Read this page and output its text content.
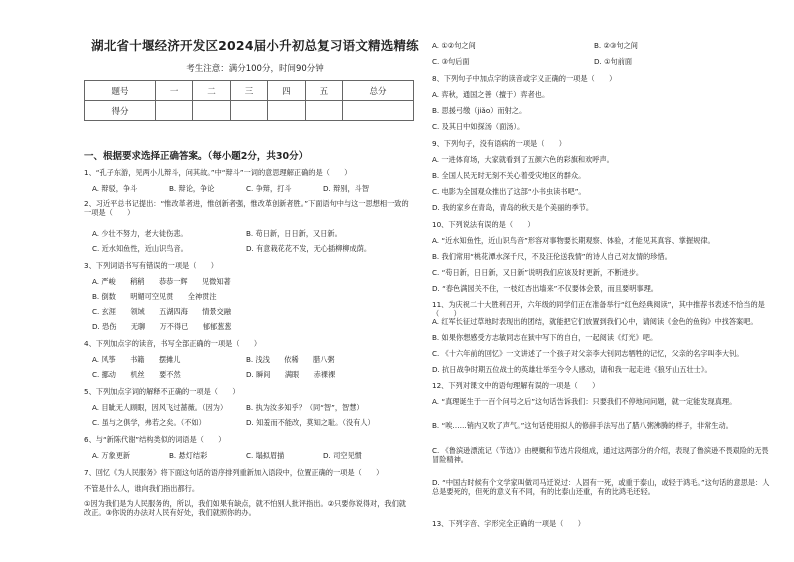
湖北省十堰经济开发区2024届小升初总复习语文精选精练
考生注意：满分100分，时间90分钟
题号	一	二	三	四	五	总分
得分						
一、根据要求选择正确答案。（每小题2分，共30分）
1、“孔子东游，见两小儿辩斗，问其故。”中“辩斗”一词的意思理解正确的是（　　）
A. 辩驳，争斗	B. 辩论，争论	C. 争辩，打斗	D. 辩别，斗智
2、习近平总书记提出：“惟改革者进，惟创新者强，惟改革创新者胜。”下面语句中与这一思想相一致的一项是（　　）
A. 少壮不努力，老大徒伤悲。	B. 苟日新，日日新，又日新。
C. 近水知鱼性，近山识鸟音。	D. 有意栽花花不发，无心插柳柳成荫。
3、下列词语书写有错误的一项是（　　）
A. 严峻　　稍稍　　恭恭一辉　　见微知著
B. 倒数　　明媚可空见贯　　全神贯注
C. 玄涯　　领域　　五湖四海　　情景交融
D. 恐伤　　无聊　　万不得已　　郁郁葱葱
4、下列加点字的读音，书写全部正确的一项是（　　）
A. 风筝　　书籍　　摆摊儿	B. 浅浅　　依稀　　腊八粥
C. 挪动　　机丝　　要不然	D. 瞬间　　满眼　　赤裸裸
5、下列加点字词的解释不正确的一项是（　　）
A. 目眦无人顾眼，因风飞过蔷薇。（因为）	B. 执为汝多知乎？（同“智”，智慧）
C. 虽与之俱学，弗若之矣。（不如）	D. 知羞而不能改，莫知之耻。（没有人）
6、与“新陈代谢”结构类似的词语是（　　）
A. 万象更新	B. 悬灯结彩	C. 塌拟眉描	D. 司空见惯
7、回忆《为人民服务》将下面这句话的语序排列重新加入语段中，位置正确的一项是（　　）
不管是什么人，谁向我们指出都行。
①因为我们是为人民服务的，所以，我们如果有缺点，就不怕别人批评指出。②只要你说得对，我们就改正。③你说的办法对人民有好处，我们就照你的办。
A. ①②句之间	B. ②③句之间
C. ③句后面	D. ①句前面
8、下列句子中加点字的读音或字义正确的一项是（　　）
A. 弈秋，通国之善（擅于）弈者也。
B. 思援弓缴（jiǎo）而射之。
C. 及其日中如探汤（面汤）。
9、下列句子，没有语病的一项是（　　）
A. 一进体育场，大家就看到了五颜六色的彩旗和欢呼声。
B. 全国人民无时无刻不关心着受灾地区的群众。
C. 电影为全国观众推出了这部“小书虫读书吧”。
D. 我的家乡在青岛，青岛的秋天是个美丽的季节。
10、下列说法有误的是（　　）
A. “近水知鱼性，近山识鸟音”形容对事物要长期观察、体验，才能见其真容、掌握规律。
B. 我们常用“桃花潭水深千尺，不及汪伦送我情”的诗人自己对友情的珍惜。
C. “苟日新，日日新，又日新”说明我们应该及时更新，不断进步。
D. “春色满园关不住，一枝红杏出墙来”不仅要体会景，而且要明事理。
11、为庆祝二十大胜利召开，六年级的同学们正在准备举行“红色经典阅读”，其中推荐书表述不恰当的是（　　）
A. 红军长征过草地时表现出的团结，就能把它们放置到我们心中，请阅读《金色的鱼钩》中找答案吧。
B. 如果你想感受方志敏同志在狱中写下的自白，一起阅读《灯光》吧。
C. 《十六年前的回忆》一文讲述了一个孩子对父亲李大钊同志牺牲的记忆，父亲的名字叫李大钊。
D. 抗日战争时期五位战士的英雄壮举至今令人感动，请和我一起走进《狼牙山五壮士》。
12、下列对课文中的语句理解有误的一项是（　　）
A. “真理诞生于一百个问号之后”这句话告诉我们：只要我们不停地问问题，就一定能发现真理。
B. “唉……销内又吹了声气。”这句话使用拟人的修辞手法写出了腊八粥沸腾的样子，非常生动。
C. 《鲁滨逊漂流记（节选）》由梗概和节选片段组成，通过这两部分的介绍，表现了鲁滨逊不畏艰险的无畏冒险精神。
D. “中国古时候有个文学家叫做司马迁说过：人固有一死，或重于泰山，或轻于鸿毛。”这句话的意思是：人总是要死的，但死的意义有不同，有的比泰山还重，有的比鸿毛还轻。
13、下列字音、字形完全正确的一项是（　　）
